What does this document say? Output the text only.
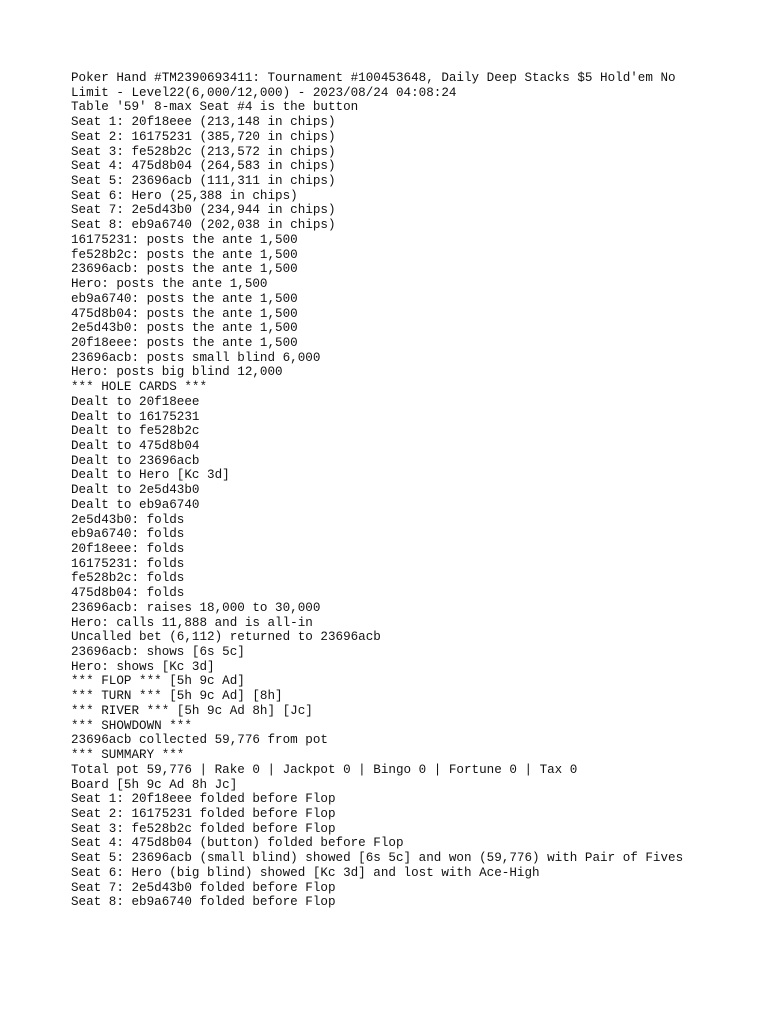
Poker Hand #TM2390693411: Tournament #100453648, Daily Deep Stacks $5 Hold'em No
Limit - Level22(6,000/12,000) - 2023/08/24 04:08:24
Table '59' 8-max Seat #4 is the button
Seat 1: 20f18eee (213,148 in chips)
Seat 2: 16175231 (385,720 in chips)
Seat 3: fe528b2c (213,572 in chips)
Seat 4: 475d8b04 (264,583 in chips)
Seat 5: 23696acb (111,311 in chips)
Seat 6: Hero (25,388 in chips)
Seat 7: 2e5d43b0 (234,944 in chips)
Seat 8: eb9a6740 (202,038 in chips)
16175231: posts the ante 1,500
fe528b2c: posts the ante 1,500
23696acb: posts the ante 1,500
Hero: posts the ante 1,500
eb9a6740: posts the ante 1,500
475d8b04: posts the ante 1,500
2e5d43b0: posts the ante 1,500
20f18eee: posts the ante 1,500
23696acb: posts small blind 6,000
Hero: posts big blind 12,000
*** HOLE CARDS ***
Dealt to 20f18eee
Dealt to 16175231
Dealt to fe528b2c
Dealt to 475d8b04
Dealt to 23696acb
Dealt to Hero [Kc 3d]
Dealt to 2e5d43b0
Dealt to eb9a6740
2e5d43b0: folds
eb9a6740: folds
20f18eee: folds
16175231: folds
fe528b2c: folds
475d8b04: folds
23696acb: raises 18,000 to 30,000
Hero: calls 11,888 and is all-in
Uncalled bet (6,112) returned to 23696acb
23696acb: shows [6s 5c]
Hero: shows [Kc 3d]
*** FLOP *** [5h 9c Ad]
*** TURN *** [5h 9c Ad] [8h]
*** RIVER *** [5h 9c Ad 8h] [Jc]
*** SHOWDOWN ***
23696acb collected 59,776 from pot
*** SUMMARY ***
Total pot 59,776 | Rake 0 | Jackpot 0 | Bingo 0 | Fortune 0 | Tax 0
Board [5h 9c Ad 8h Jc]
Seat 1: 20f18eee folded before Flop
Seat 2: 16175231 folded before Flop
Seat 3: fe528b2c folded before Flop
Seat 4: 475d8b04 (button) folded before Flop
Seat 5: 23696acb (small blind) showed [6s 5c] and won (59,776) with Pair of Fives
Seat 6: Hero (big blind) showed [Kc 3d] and lost with Ace-High
Seat 7: 2e5d43b0 folded before Flop
Seat 8: eb9a6740 folded before Flop
